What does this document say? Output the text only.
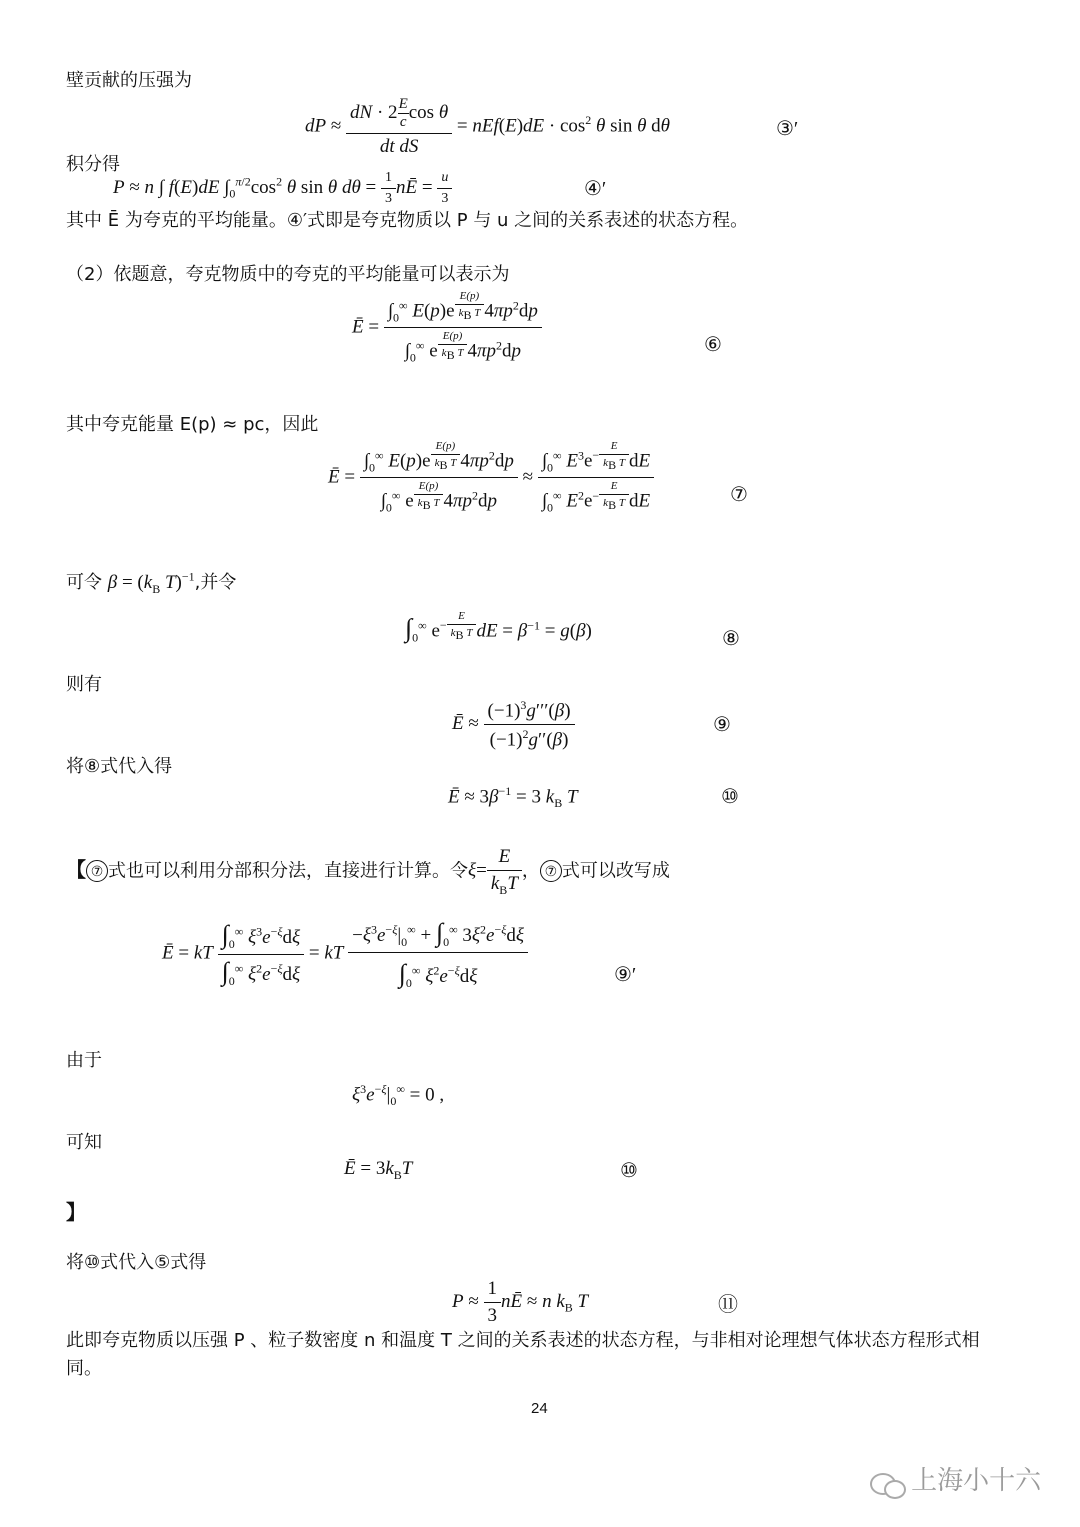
壁贡献的压强为
dP ≈ $\frac{dN \cdot 2 \frac{E}{c} \cos \theta}{\text{dt dS}} = nEf(E)dE \cdot \cos^2 \theta$ sin θ dθ	③′
积分得
P ≈ n ∫ f(E)dE $\int_0^{\pi/2}\cos^2$ θ sin θ $d\theta = \frac{1}{3}$ nĒ = $\frac{u}{3}$	④′
其中 Ē 为夸克的平均能量。④′式即是夸克物质以 P 与 u 之间的关系表述的状态方程。
（2）依题意，夸克物质中的夸克的平均能量可以表示为
Ē = $\int_0^\infty$ E(p)e $^{\frac{E(p)}{k_B T}}$ $4\pi p^2dp$
$\int_0^\infty$ e $^{\frac{E(p)}{k_B T}}$ $4\pi p^2dp$	⑥
其中夸克能量 E(p) ≈ pc，因此
Ē = $\int_0^\infty$ E(p)e $^{\frac{E(p)}{k_B T}}$ $4\pi p^2dp$
$\int_0^\infty$ e $^{\frac{E(p)}{k_B T}}$ $4\pi p^2dp \approx \int_0^\infty$ $E^3e^{- \frac{E}{k_B T}}$ dE
$\int_0^\infty$ $E^2e^{- \frac{E}{k_B T}}$ dE	⑦
可令 $\beta = (k_B$ T)$^{-1}$,并令
$\int_0^\infty$ $e^{- \frac{E}{k_B T}}$ dE = $\beta^{-1} = g(\beta)$	⑧
则有
Ē ≈ $\frac{(-1)^3g'''(\beta)}{(-1)^2g''(\beta)}$	⑨
将⑧式代入得
Ē ≈ $3\beta^{-1} = 3$ $k_B$ T	⑩
【 ⑦ 式也可以利用分部积分法，直接进行计算。令$\xi= \frac{E}{k_BT}$ ， ⑦ 式可以改写成
Ē = kT $\frac{\int_0^\infty \xi^3e^{-\xi}d\xi}{\int_0^\infty \xi^2e^{-\xi}d\xi}$ = kT $\frac{-\xi^3e^{-\xi}|_0^\infty + \int_0^\infty 3\xi^2e^{-\xi}d\xi}{\int_0^\infty \xi^2e^{-\xi}d\xi}$	⑨′
由于
$\xi^3e^{-\xi}|_0^\infty = 0$ ,
可知
Ē = $3k_BT$	⑩
】
将⑩式代入⑤式得
$P \approx \frac{1}{3}$ nĒ ≈ n $k_B$ T	⑪
此即夸克物质以压强 P 、粒子数密度 n 和温度 T 之间的关系表述的状态方程，与非相对论理想气体状态方程形式相
同。
24
上海小十六
